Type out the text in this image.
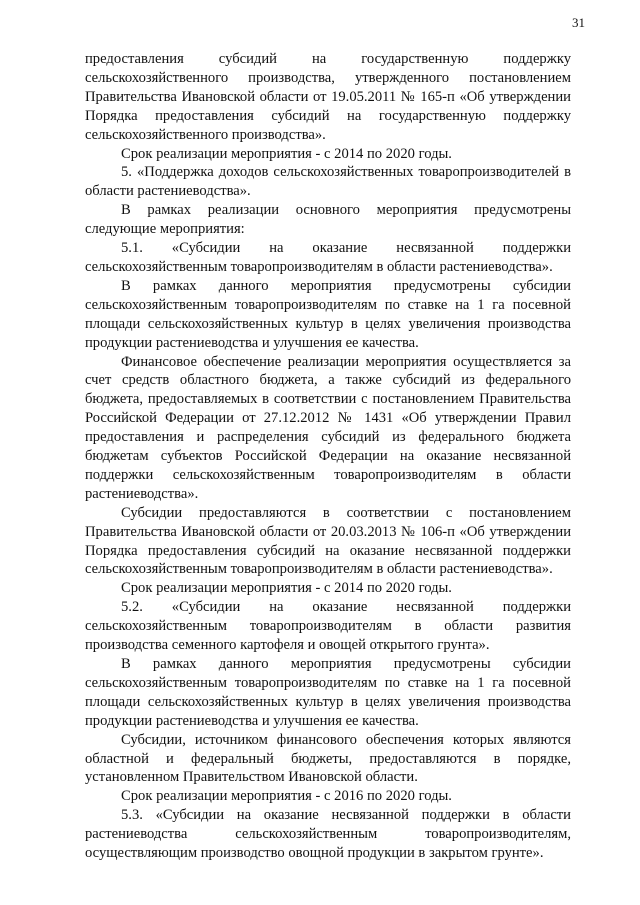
31

предоставления субсидий на государственную поддержку сельскохозяйственного производства, утвержденного постановлением Правительства Ивановской области от 19.05.2011 № 165-п «Об утверждении Порядка предоставления субсидий на государственную поддержку сельскохозяйственного производства».

Срок реализации мероприятия - с 2014 по 2020 годы.

5. «Поддержка доходов сельскохозяйственных товаропроизводителей в области растениеводства».

В рамках реализации основного мероприятия предусмотрены следующие мероприятия:

5.1. «Субсидии на оказание несвязанной поддержки сельскохозяйственным товаропроизводителям в области растениеводства».

В рамках данного мероприятия предусмотрены субсидии сельскохозяйственным товаропроизводителям по ставке на 1 га посевной площади сельскохозяйственных культур в целях увеличения производства продукции растениеводства и улучшения ее качества.

Финансовое обеспечение реализации мероприятия осуществляется за счет средств областного бюджета, а также субсидий из федерального бюджета, предоставляемых в соответствии с постановлением Правительства Российской Федерации от 27.12.2012 № 1431 «Об утверждении Правил предоставления и распределения субсидий из федерального бюджета бюджетам субъектов Российской Федерации на оказание несвязанной поддержки сельскохозяйственным товаропроизводителям в области растениеводства».

Субсидии предоставляются в соответствии с постановлением Правительства Ивановской области от 20.03.2013 № 106-п «Об утверждении Порядка предоставления субсидий на оказание несвязанной поддержки сельскохозяйственным товаропроизводителям в области растениеводства».

Срок реализации мероприятия - с 2014 по 2020 годы.

5.2. «Субсидии на оказание несвязанной поддержки сельскохозяйственным товаропроизводителям в области развития производства семенного картофеля и овощей открытого грунта».

В рамках данного мероприятия предусмотрены субсидии сельскохозяйственным товаропроизводителям по ставке на 1 га посевной площади сельскохозяйственных культур в целях увеличения производства продукции растениеводства и улучшения ее качества.

Субсидии, источником финансового обеспечения которых являются областной и федеральный бюджеты, предоставляются в порядке, установленном Правительством Ивановской области.

Срок реализации мероприятия - с 2016 по 2020 годы.

5.3. «Субсидии на оказание несвязанной поддержки в области растениеводства сельскохозяйственным товаропроизводителям, осуществляющим производство овощной продукции в закрытом грунте».
